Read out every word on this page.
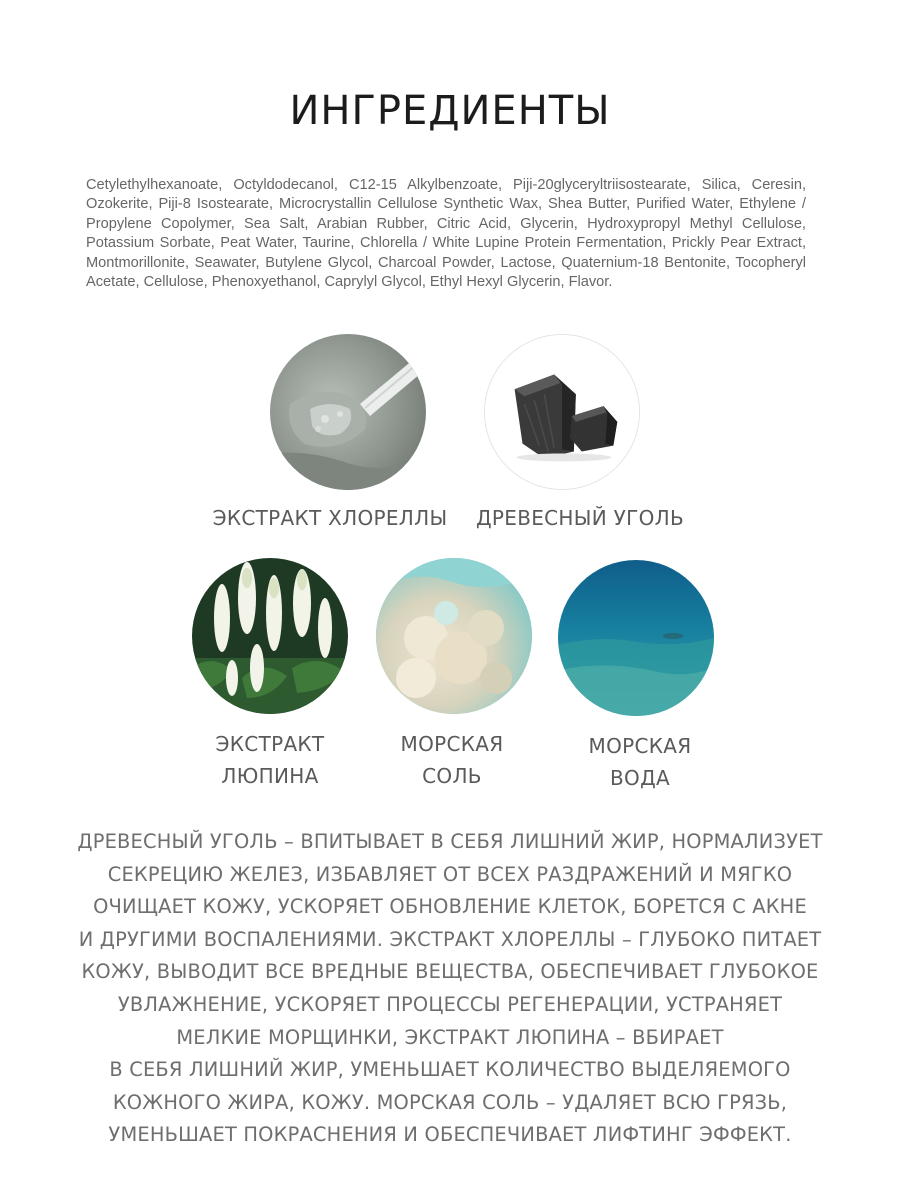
ИНГРЕДИЕНТЫ

Cetylethylhexanoate, Octyldodecanol, C12-15 Alkylbenzoate, Piji-20glyceryltriisostearate, Silica, Ceresin, Ozokerite, Piji-8 Isostearate, Microcrystallin Cellulose Synthetic Wax, Shea Butter, Purified Water, Ethylene / Propylene Copolymer, Sea Salt, Arabian Rubber, Citric Acid, Glycerin, Hydroxypropyl Methyl Cellulose, Potassium Sorbate, Peat Water, Taurine, Chlorella / White Lupine Protein Fermentation, Prickly Pear Extract, Montmorillonite, Seawater, Butylene Glycol, Charcoal Powder, Lactose, Quaternium-18 Bentonite, Tocopheryl Acetate, Cellulose, Phenoxyethanol, Caprylyl Glycol, Ethyl Hexyl Glycerin, Flavor.

ЭКСТРАКТ ХЛОРЕЛЛЫ	ДРЕВЕСНЫЙ УГОЛЬ
ЭКСТРАКТ
ЛЮПИНА
МОРСКАЯ
СОЛЬ
МОРСКАЯ
ВОДА
ДРЕВЕСНЫЙ УГОЛЬ – ВПИТЫВАЕТ В СЕБЯ ЛИШНИЙ ЖИР, НОРМАЛИЗУЕТ
СЕКРЕЦИЮ ЖЕЛЕЗ, ИЗБАВЛЯЕТ ОТ ВСЕХ РАЗДРАЖЕНИЙ И МЯГКО
ОЧИЩАЕТ КОЖУ, УСКОРЯЕТ ОБНОВЛЕНИЕ КЛЕТОК, БОРЕТСЯ С АКНЕ
И ДРУГИМИ ВОСПАЛЕНИЯМИ. ЭКСТРАКТ ХЛОРЕЛЛЫ – ГЛУБОКО ПИТАЕТ
КОЖУ, ВЫВОДИТ ВСЕ ВРЕДНЫЕ ВЕЩЕСТВА, ОБЕСПЕЧИВАЕТ ГЛУБОКОЕ
УВЛАЖНЕНИЕ, УСКОРЯЕТ ПРОЦЕССЫ РЕГЕНЕРАЦИИ, УСТРАНЯЕТ
МЕЛКИЕ МОРЩИНКИ, ЭКСТРАКТ ЛЮПИНА – ВБИРАЕТ
В СЕБЯ ЛИШНИЙ ЖИР, УМЕНЬШАЕТ КОЛИЧЕСТВО ВЫДЕЛЯЕМОГО
КОЖНОГО ЖИРА, КОЖУ. МОРСКАЯ СОЛЬ – УДАЛЯЕТ ВСЮ ГРЯЗЬ,
УМЕНЬШАЕТ ПОКРАСНЕНИЯ И ОБЕСПЕЧИВАЕТ ЛИФТИНГ ЭФФЕКТ.
